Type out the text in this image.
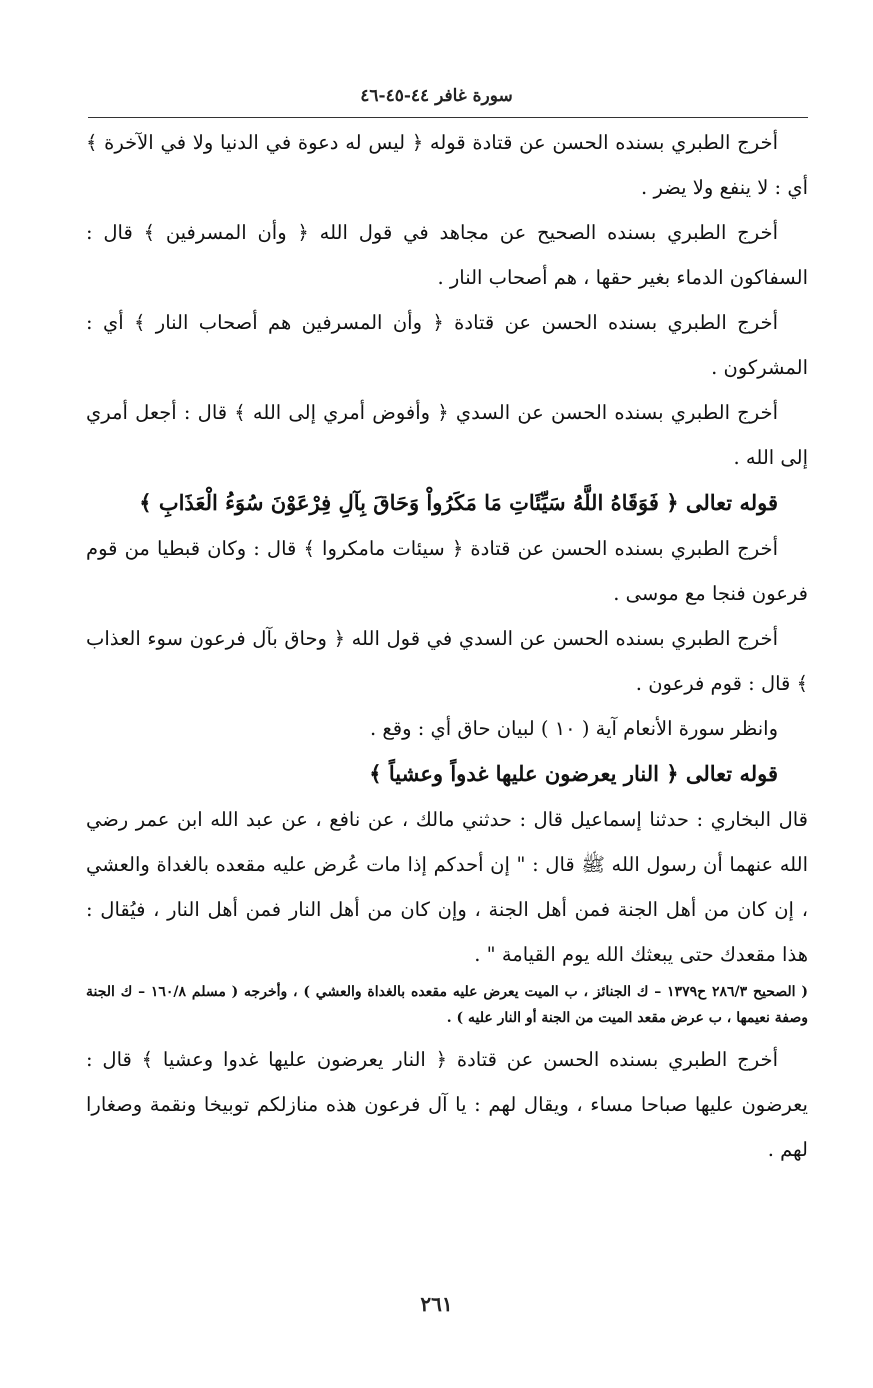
سورة غافر ٤٤-٤٥-٤٦

أخرج الطبري بسنده الحسن عن قتادة قوله ﴿ ليس له دعوة في الدنيا ولا في الآخرة ﴾ أي : لا ينفع ولا يضر .

أخرج الطبري بسنده الصحيح عن مجاهد في قول الله ﴿ وأن المسرفين ﴾ قال : السفاكون الدماء بغير حقها ، هم أصحاب النار .

أخرج الطبري بسنده الحسن عن قتادة ﴿ وأن المسرفين هم أصحاب النار ﴾ أي : المشركون .

أخرج الطبري بسنده الحسن عن السدي ﴿ وأفوض أمري إلى الله ﴾ قال : أجعل أمري إلى الله .

قوله تعالى ﴿ فَوَقَاهُ اللَّهُ سَيِّئَاتِ مَا مَكَرُواْ وَحَاقَ بِآلِ فِرْعَوْنَ سُوَءُ الْعَذَابِ ﴾

أخرج الطبري بسنده الحسن عن قتادة ﴿ سيئات مامكروا ﴾ قال : وكان قبطيا من قوم فرعون فنجا مع موسى .

أخرج الطبري بسنده الحسن عن السدي في قول الله ﴿ وحاق بآل فرعون سوء العذاب ﴾ قال : قوم فرعون .

وانظر سورة الأنعام آية ( ١٠ ) لبيان حاق أي : وقع .

قوله تعالى ﴿ النار يعرضون عليها غدواً وعشياً ﴾

قال البخاري : حدثنا إسماعيل قال : حدثني مالك ، عن نافع ، عن عبد الله ابن عمر رضي الله عنهما أن رسول الله ﷺ قال : " إن أحدكم إذا مات عُرض عليه مقعده بالغداة والعشي ، إن كان من أهل الجنة فمن أهل الجنة ، وإن كان من أهل النار فمن أهل النار ، فيُقال : هذا مقعدك حتى يبعثك الله يوم القيامة " .

( الصحيح ٢٨٦/٣ ح١٣٧٩ – ك الجنائز ، ب الميت يعرض عليه مقعده بالغداة والعشي ) ، وأخرجه ( مسلم ١٦٠/٨ – ك الجنة وصفة نعيمها ، ب عرض مقعد الميت من الجنة أو النار عليه ) .

أخرج الطبري بسنده الحسن عن قتادة ﴿ النار يعرضون عليها غدوا وعشيا ﴾ قال : يعرضون عليها صباحا مساء ، ويقال لهم : يا آل فرعون هذه منازلكم توبيخا ونقمة وصغارا لهم .

٢٦١
